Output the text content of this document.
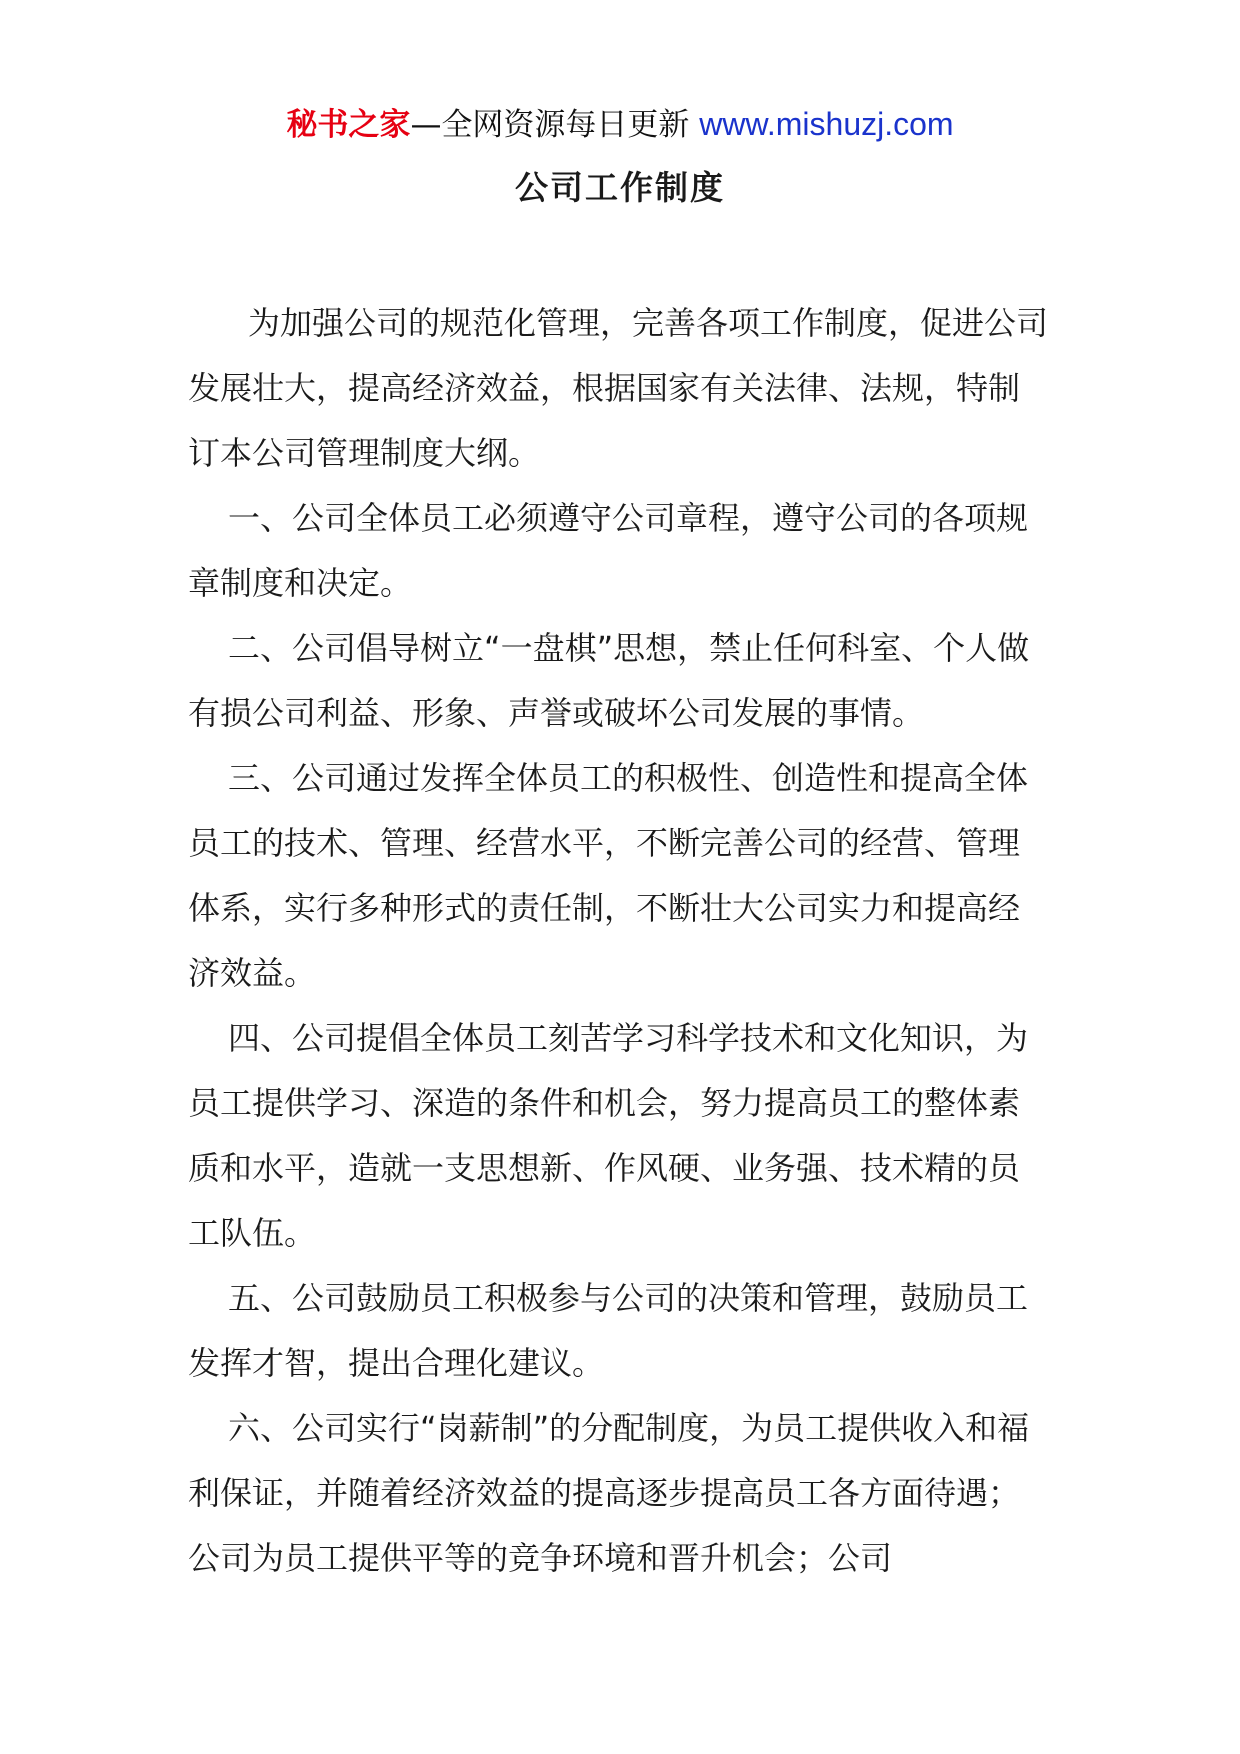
秘书之家—全网资源每日更新 www.mishuzj.com
公司工作制度

为加强公司的规范化管理，完善各项工作制度，促进公司发展壮大，提高经济效益，根据国家有关法律、法规，特制订本公司管理制度大纲。

一、公司全体员工必须遵守公司章程，遵守公司的各项规章制度和决定。

二、公司倡导树立“一盘棋”思想，禁止任何科室、个人做有损公司利益、形象、声誉或破坏公司发展的事情。

三、公司通过发挥全体员工的积极性、创造性和提高全体员工的技术、管理、经营水平，不断完善公司的经营、管理体系，实行多种形式的责任制，不断壮大公司实力和提高经济效益。

四、公司提倡全体员工刻苦学习科学技术和文化知识，为员工提供学习、深造的条件和机会，努力提高员工的整体素质和水平，造就一支思想新、作风硬、业务强、技术精的员工队伍。

五、公司鼓励员工积极参与公司的决策和管理，鼓励员工发挥才智，提出合理化建议。

六、公司实行“岗薪制”的分配制度，为员工提供收入和福利保证，并随着经济效益的提高逐步提高员工各方面待遇；公司为员工提供平等的竞争环境和晋升机会；公司
